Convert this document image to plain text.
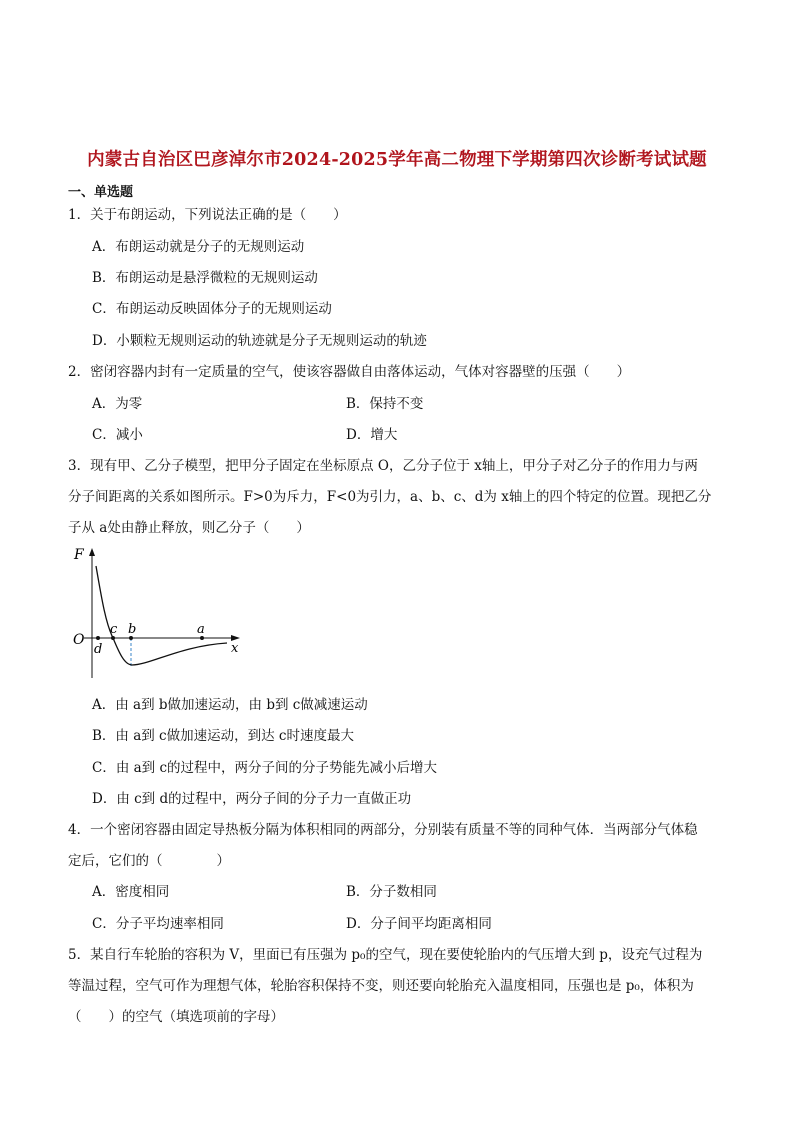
内蒙古自治区巴彦淖尔市2024-2025学年高二物理下学期第四次诊断考试试题
一、单选题
1．关于布朗运动，下列说法正确的是（　　）
A．布朗运动就是分子的无规则运动
B．布朗运动是悬浮微粒的无规则运动
C．布朗运动反映固体分子的无规则运动
D．小颗粒无规则运动的轨迹就是分子无规则运动的轨迹
2．密闭容器内封有一定质量的空气，使该容器做自由落体运动，气体对容器壁的压强（　　）
A．为零	B．保持不变
C．减小	D．增大
3．现有甲、乙分子模型，把甲分子固定在坐标原点 O，乙分子位于 x轴上，甲分子对乙分子的作用力与两
分子间距离的关系如图所示。F>0为斥力，F<0为引力，a、b、c、d为 x轴上的四个特定的位置。现把乙分
子从 a处由静止释放，则乙分子（　　）
F
O
x
c b	a
d
A．由 a到 b做加速运动，由 b到 c做减速运动
B．由 a到 c做加速运动，到达 c时速度最大
C．由 a到 c的过程中，两分子间的分子势能先减小后增大
D．由 c到 d的过程中，两分子间的分子力一直做正功
4．一个密闭容器由固定导热板分隔为体积相同的两部分，分别装有质量不等的同种气体．当两部分气体稳
定后，它们的（　　　　）
A．密度相同	B．分子数相同
C．分子平均速率相同	D．分子间平均距离相同
5．某自行车轮胎的容积为 V，里面已有压强为 p₀的空气，现在要使轮胎内的气压增大到 p，设充气过程为
等温过程，空气可作为理想气体，轮胎容积保持不变，则还要向轮胎充入温度相同，压强也是 p₀，体积为
（　　）的空气（填选项前的字母）
